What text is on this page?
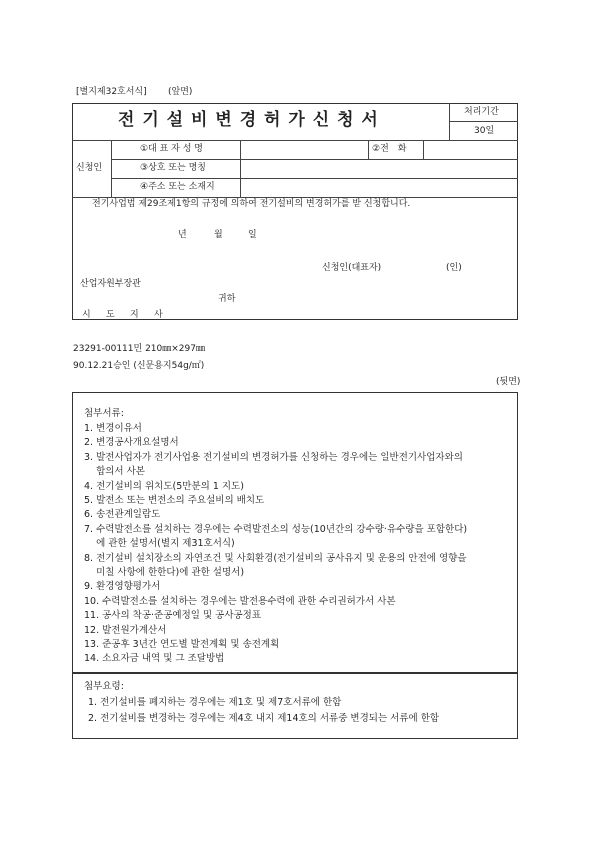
[별지제32호서식] (앞면)
전 기 설 비 변 경 허 가 신 청 서	처리기간
30일
신청인
①대 표 자 성 명	②전　화
③상호 또는 명칭
④주소 또는 소재지
전기사업법 제29조제1항의 규정에 의하여 전기설비의 변경허가를 받 신청합니다.
년	월	일
신청인(대표자)	(인)
산업자원부장관
귀하
시 도 지 사
23291-00111민 210㎜×297㎜
90.12.21승인 (신문용지54g/㎡)
(뒷면)
첨부서류:
1. 변경이유서
2. 변경공사개요설명서
3. 발전사업자가 전기사업용 전기설비의 변경허가를 신청하는 경우에는 일반전기사업자와의
합의서 사본
4. 전기설비의 위치도(5만분의 1 지도)
5. 발전소 또는 변전소의 주요설비의 배치도
6. 송전관계일람도
7. 수력발전소를 설치하는 경우에는 수력발전소의 성능(10년간의 강수량·유수량을 포함한다)
에 관한 설명서(별지 제31호서식)
8. 전기설비 설치장소의 자연조건 및 사회환경(전기설비의 공사유지 및 운용의 안전에 영향을
미칠 사항에 한한다)에 관한 설명서)
9. 환경영향평가서
10. 수력발전소를 설치하는 경우에는 발전용수력에 관한 수리권허가서 사본
11. 공사의 착공·준공예정일 및 공사공정표
12. 발전원가계산서
13. 준공후 3년간 연도별 발전계획 및 송전계획
14. 소요자금 내역 및 그 조달방법
첨부요령:
1. 전기설비를 폐지하는 경우에는 제1호 및 제7호서류에 한함
2. 전기설비를 변경하는 경우에는 제4호 내지 제14호의 서류중 변경되는 서류에 한함
